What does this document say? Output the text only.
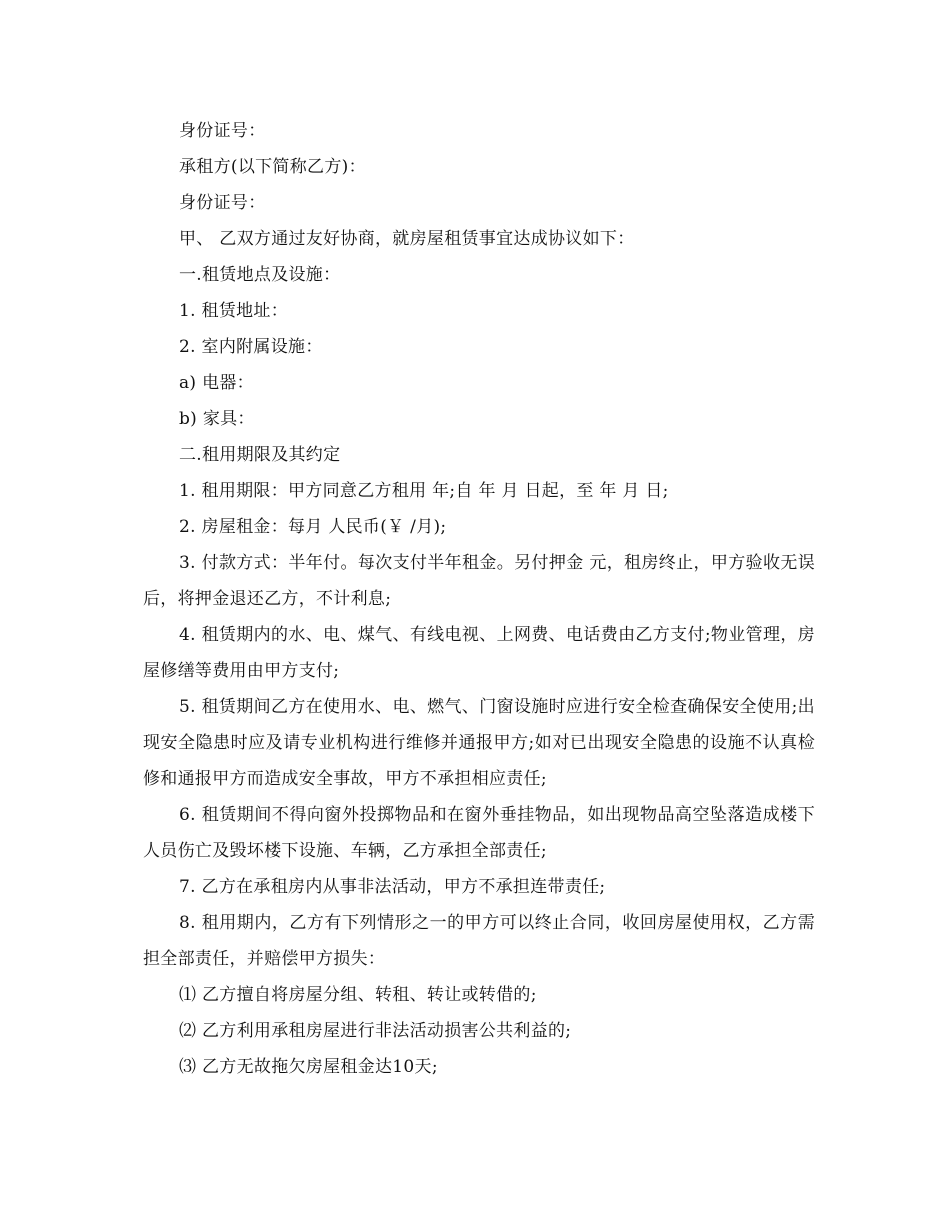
身份证号：

承租方(以下简称乙方)：

身份证号：

甲、 乙双方通过友好协商，就房屋租赁事宜达成协议如下：

一.租赁地点及设施：

1. 租赁地址：

2. 室内附属设施：

a) 电器：

b) 家具：

二.租用期限及其约定

1. 租用期限：甲方同意乙方租用 年;自 年 月 日起，至 年 月 日;

2. 房屋租金：每月 人民币(￥ /月);

3. 付款方式：半年付。每次支付半年租金。另付押金 元，租房终止，甲方验收无误后，将押金退还乙方，不计利息;

4. 租赁期内的水、电、煤气、有线电视、上网费、电话费由乙方支付;物业管理，房屋修缮等费用由甲方支付;

5. 租赁期间乙方在使用水、电、燃气、门窗设施时应进行安全检查确保安全使用;出现安全隐患时应及请专业机构进行维修并通报甲方;如对已出现安全隐患的设施不认真检修和通报甲方而造成安全事故，甲方不承担相应责任;

6. 租赁期间不得向窗外投掷物品和在窗外垂挂物品，如出现物品高空坠落造成楼下人员伤亡及毁坏楼下设施、车辆，乙方承担全部责任;

7. 乙方在承租房内从事非法活动，甲方不承担连带责任;

8. 租用期内，乙方有下列情形之一的甲方可以终止合同，收回房屋使用权，乙方需担全部责任，并赔偿甲方损失：

⑴ 乙方擅自将房屋分组、转租、转让或转借的;

⑵ 乙方利用承租房屋进行非法活动损害公共利益的;

⑶ 乙方无故拖欠房屋租金达10天;
